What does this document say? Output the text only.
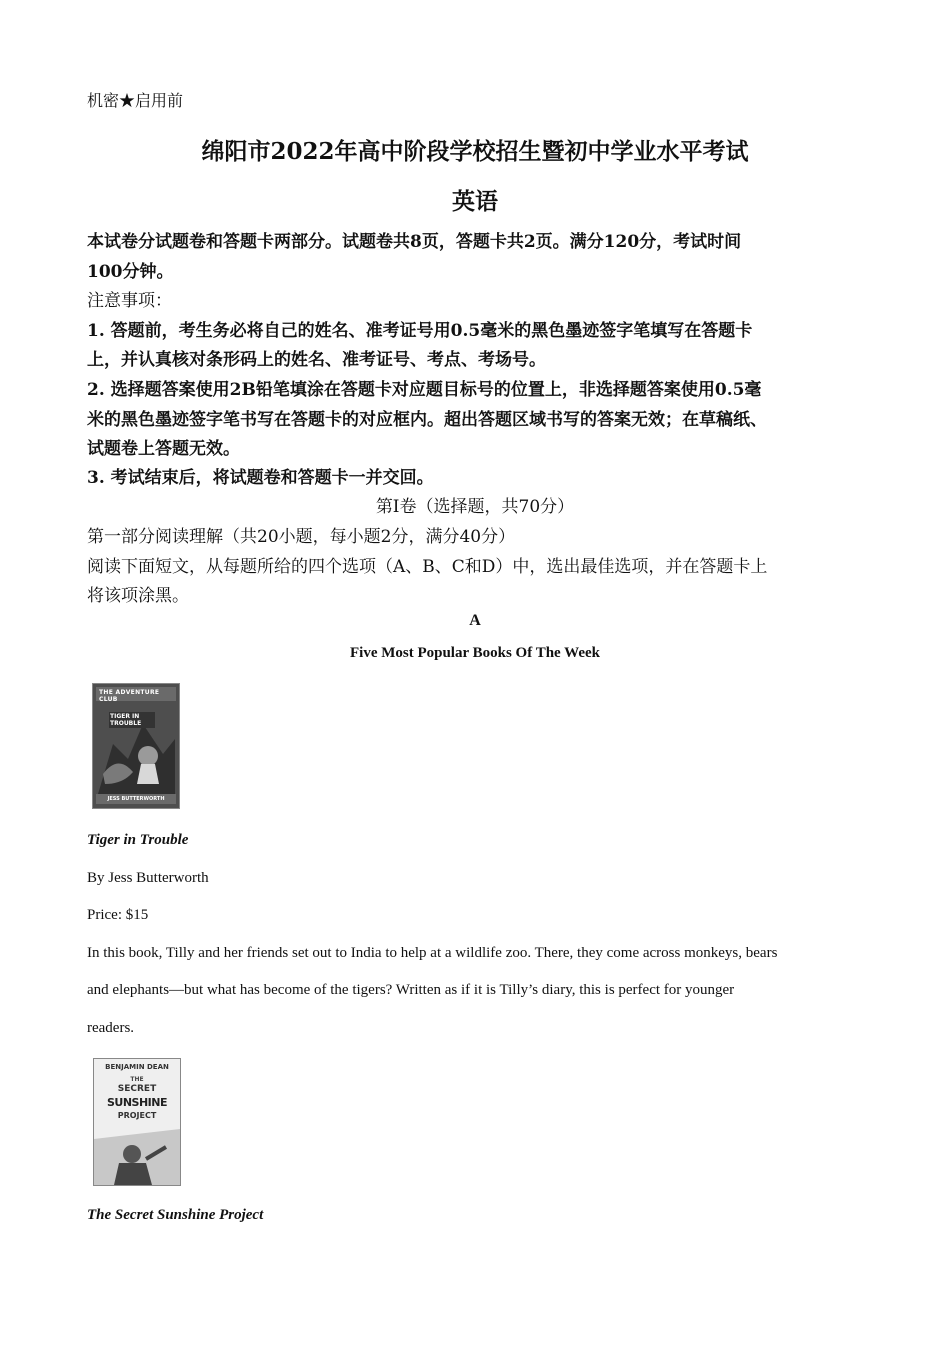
机密★启用前
绵阳市2022年高中阶段学校招生暨初中学业水平考试
英语
本试卷分试题卷和答题卡两部分。试题卷共8页，答题卡共2页。满分120分，考试时间
100分钟。
注意事项：
1. 答题前，考生务必将自己的姓名、准考证号用0.5毫米的黑色墨迹签字笔填写在答题卡
上，并认真核对条形码上的姓名、准考证号、考点、考场号。
2. 选择题答案使用2B铅笔填涂在答题卡对应题目标号的位置上，非选择题答案使用0.5毫
米的黑色墨迹签字笔书写在答题卡的对应框内。超出答题区域书写的答案无效；在草稿纸、
试题卷上答题无效。
3. 考试结束后，将试题卷和答题卡一并交回。
第I卷（选择题，共70分）
第一部分阅读理解（共20小题，每小题2分，满分40分）
阅读下面短文，从每题所给的四个选项（A、B、C和D）中，选出最佳选项，并在答题卡上
将该项涂黑。
A
Five Most Popular Books Of The Week
THE ADVENTURE CLUB
TIGER IN TROUBLE
JESS BUTTERWORTH
Tiger in Trouble
By Jess Butterworth
Price: $15
In this book, Tilly and her friends set out to India to help at a wildlife zoo. There, they come across monkeys, bears
and elephants—but what has become of the tigers? Written as if it is Tilly’s diary, this is perfect for younger
readers.
BENJAMIN DEAN
THE
SECRET
SUNSHINE
PROJECT
The Secret Sunshine Project
